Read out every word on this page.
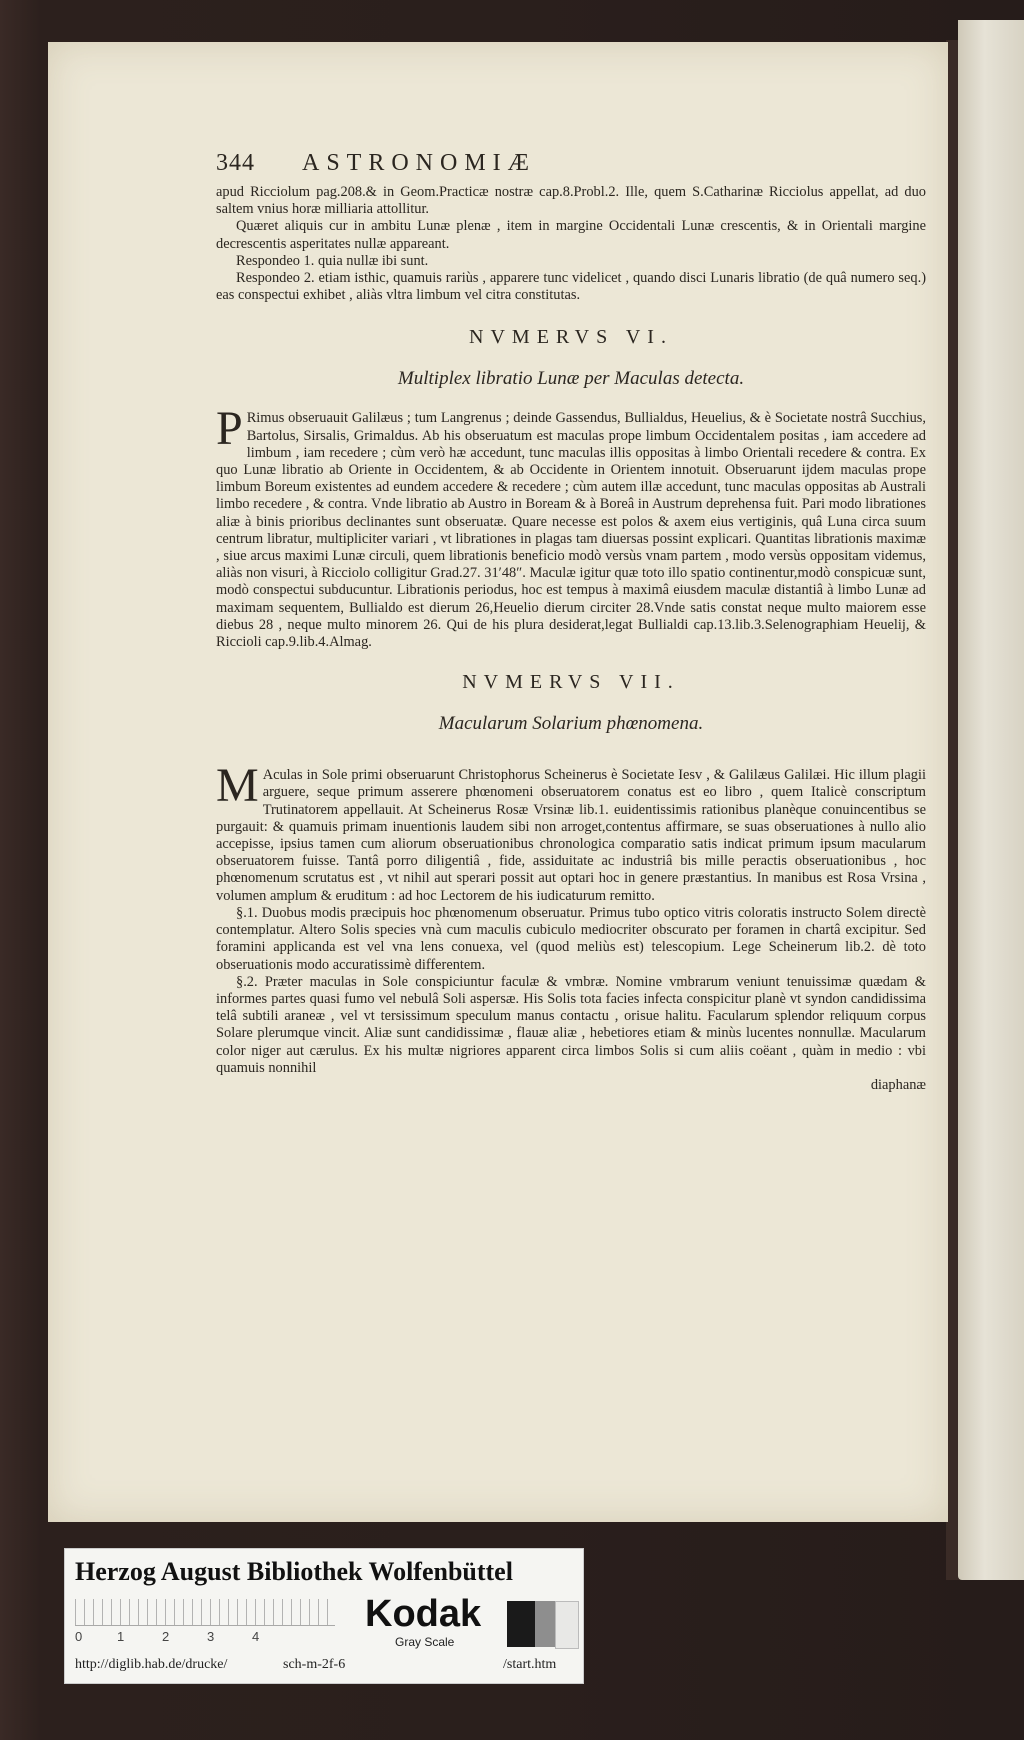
344	ASTRONOMIÆ

apud Ricciolum pag.208.& in Geom.Practicæ nostræ cap.8.Probl.2. Ille, quem S.Catharinæ Ricciolus appellat, ad duo saltem vnius horæ milliaria attollitur.

Quæret aliquis cur in ambitu Lunæ plenæ , item in margine Occidentali Lunæ crescentis, & in Orientali margine decrescentis asperitates nullæ appareant.

Respondeo 1. quia nullæ ibi sunt.

Respondeo 2. etiam isthic, quamuis rariùs , apparere tunc videlicet , quando disci Lunaris libratio (de quâ numero seq.) eas conspectui exhibet , aliàs vltra limbum vel citra constitutas.

NVMERVS VI.
Multiplex libratio Lunæ per Maculas detecta.
P Rimus obseruauit Galilæus ; tum Langrenus ; deinde Gassendus, Bullialdus, Heuelius, & è Societate nostrâ Succhius, Bartolus, Sirsalis, Grimaldus. Ab his obseruatum est maculas prope limbum Occidentalem positas , iam accedere ad limbum , iam recedere ; cùm verò hæ accedunt, tunc maculas illis oppositas à limbo Orientali recedere & contra. Ex quo Lunæ libratio ab Oriente in Occidentem, & ab Occidente in Orientem innotuit. Obseruarunt ijdem maculas prope limbum Boreum existentes ad eundem accedere & recedere ; cùm autem illæ accedunt, tunc maculas oppositas ab Australi limbo recedere , & contra. Vnde libratio ab Austro in Boream & à Boreâ in Austrum deprehensa fuit. Pari modo librationes aliæ à binis prioribus declinantes sunt obseruatæ. Quare necesse est polos & axem eius vertiginis, quâ Luna circa suum centrum libratur, multipliciter variari , vt librationes in plagas tam diuersas possint explicari. Quantitas librationis maximæ , siue arcus maximi Lunæ circuli, quem librationis beneficio modò versùs vnam partem , modo versùs oppositam videmus, aliàs non visuri, à Ricciolo colligitur Grad.27. 31′48″. Maculæ igitur quæ toto illo spatio continentur,modò conspicuæ sunt, modò conspectui subducuntur. Librationis periodus, hoc est tempus à maximâ eiusdem maculæ distantiâ à limbo Lunæ ad maximam sequentem, Bullialdo est dierum 26,Heuelio dierum circiter 28.Vnde satis constat neque multo maiorem esse diebus 28 , neque multo minorem 26. Qui de his plura desiderat,legat Bullialdi cap.13.lib.3.Selenographiam Heuelij, & Riccioli cap.9.lib.4.Almag.

NVMERVS VII.
Macularum Solarium phœnomena.
M Aculas in Sole primi obseruarunt Christophorus Scheinerus è Societate Iesv , & Galilæus Galilæi. Hic illum plagii arguere, seque primum asserere phœnomeni obseruatorem conatus est eo libro , quem Italicè conscriptum Trutinatorem appellauit. At Scheinerus Rosæ Vrsinæ lib.1. euidentissimis rationibus planèque conuincentibus se purgauit: & quamuis primam inuentionis laudem sibi non arroget,contentus affirmare, se suas obseruationes à nullo alio accepisse, ipsius tamen cum aliorum obseruationibus chronologica comparatio satis indicat primum ipsum macularum obseruatorem fuisse. Tantâ porro diligentiâ , fide, assiduitate ac industriâ bis mille peractis obseruationibus , hoc phœnomenum scrutatus est , vt nihil aut sperari possit aut optari hoc in genere præstantius. In manibus est Rosa Vrsina , volumen amplum & eruditum : ad hoc Lectorem de his iudicaturum remitto.

§.1. Duobus modis præcipuis hoc phœnomenum obseruatur. Primus tubo optico vitris coloratis instructo Solem directè contemplatur. Altero Solis species vnà cum maculis cubiculo mediocriter obscurato per foramen in chartâ excipitur. Sed foramini applicanda est vel vna lens conuexa, vel (quod meliùs est) telescopium. Lege Scheinerum lib.2. dè toto obseruationis modo accuratissimè differentem.

§.2. Præter maculas in Sole conspiciuntur faculæ & vmbræ. Nomine vmbrarum veniunt tenuissimæ quædam & informes partes quasi fumo vel nebulâ Soli aspersæ. His Solis tota facies infecta conspicitur planè vt syndon candidissima telâ subtili araneæ , vel vt tersissimum speculum manus contactu , orisue halitu. Facularum splendor reliquum corpus Solare plerumque vincit. Aliæ sunt candidissimæ , flauæ aliæ , hebetiores etiam & minùs lucentes nonnullæ. Macularum color niger aut cærulus. Ex his multæ nigriores apparent circa limbos Solis si cum aliis coëant , quàm in medio : vbi quamuis nonnihil

diaphanæ
Herzog August Bibliothek Wolfenbüttel
0	1	2	3	4
Kodak
Gray Scale
http://diglib.hab.de/drucke/	sch-m-2f-6	/start.htm
